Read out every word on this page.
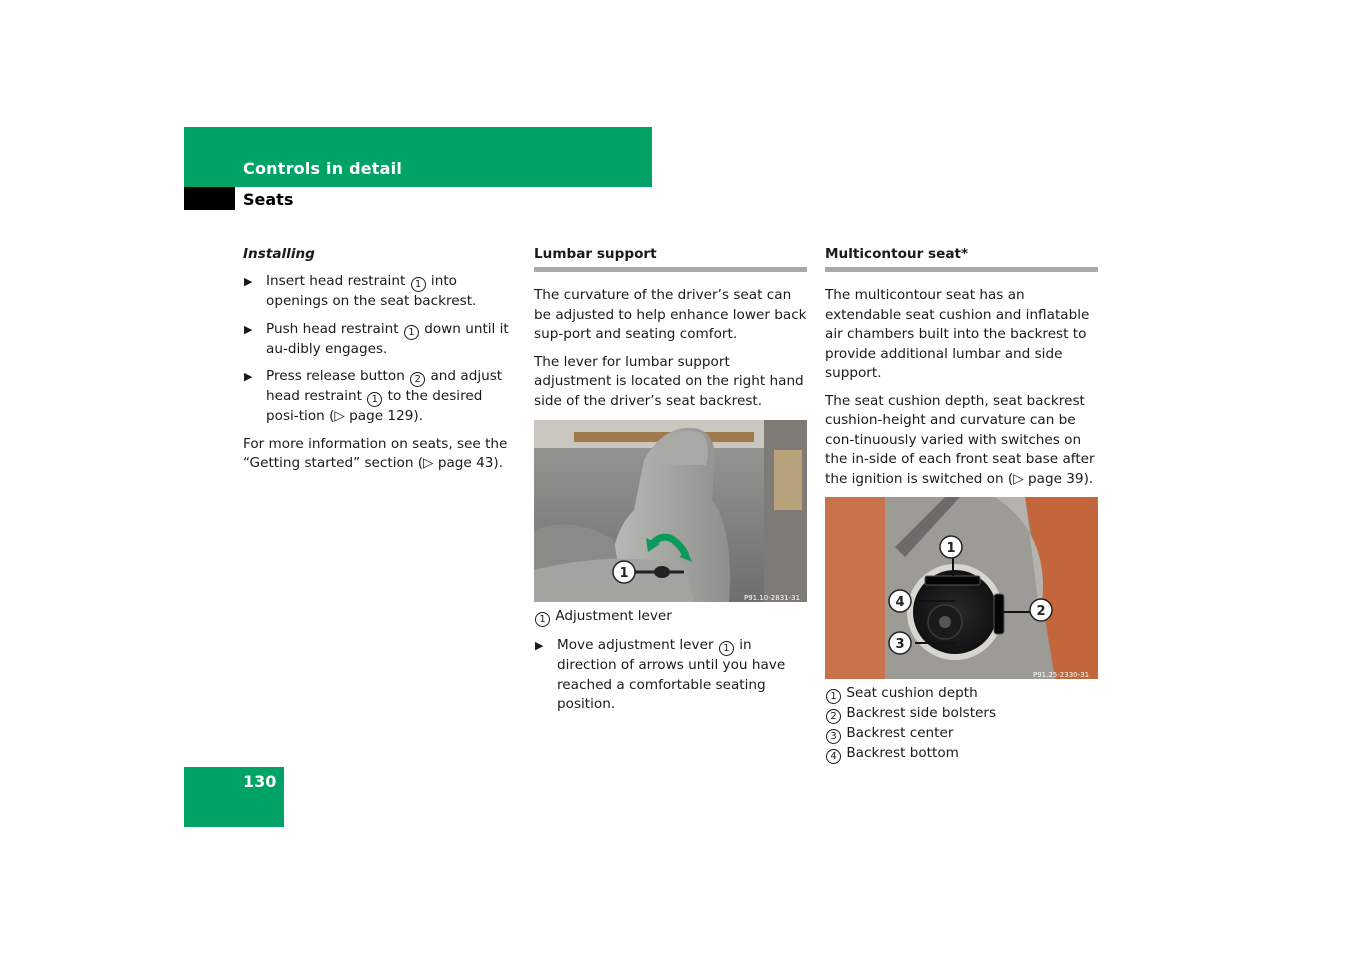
Controls in detail
Seats
Installing
▶ Insert head restraint 1 into openings on the seat backrest.
▶ Push head restraint 1 down until it au-dibly engages.
▶ Press release button 2 and adjust head restraint 1 to the desired posi-tion (▷ page 129).
For more information on seats, see the “Getting started” section (▷ page 43).
Lumbar support
The curvature of the driver’s seat can be adjusted to help enhance lower back sup-port and seating comfort.
The lever for lumbar support adjustment is located on the right hand side of the driver’s seat backrest.
1
P91.10-2831-31
1 Adjustment lever
▶ Move adjustment lever 1 in direction of arrows until you have reached a comfortable seating position.
Multicontour seat*
The multicontour seat has an extendable seat cushion and inflatable air chambers built into the backrest to provide additional lumbar and side support.
The seat cushion depth, seat backrest cushion-height and curvature can be con-tinuously varied with switches on the in-side of each front seat base after the ignition is switched on (▷ page 39).
1
2
3
4
P91.25-2330-31
1 Seat cushion depth
2 Backrest side bolsters
3 Backrest center
4 Backrest bottom
130
